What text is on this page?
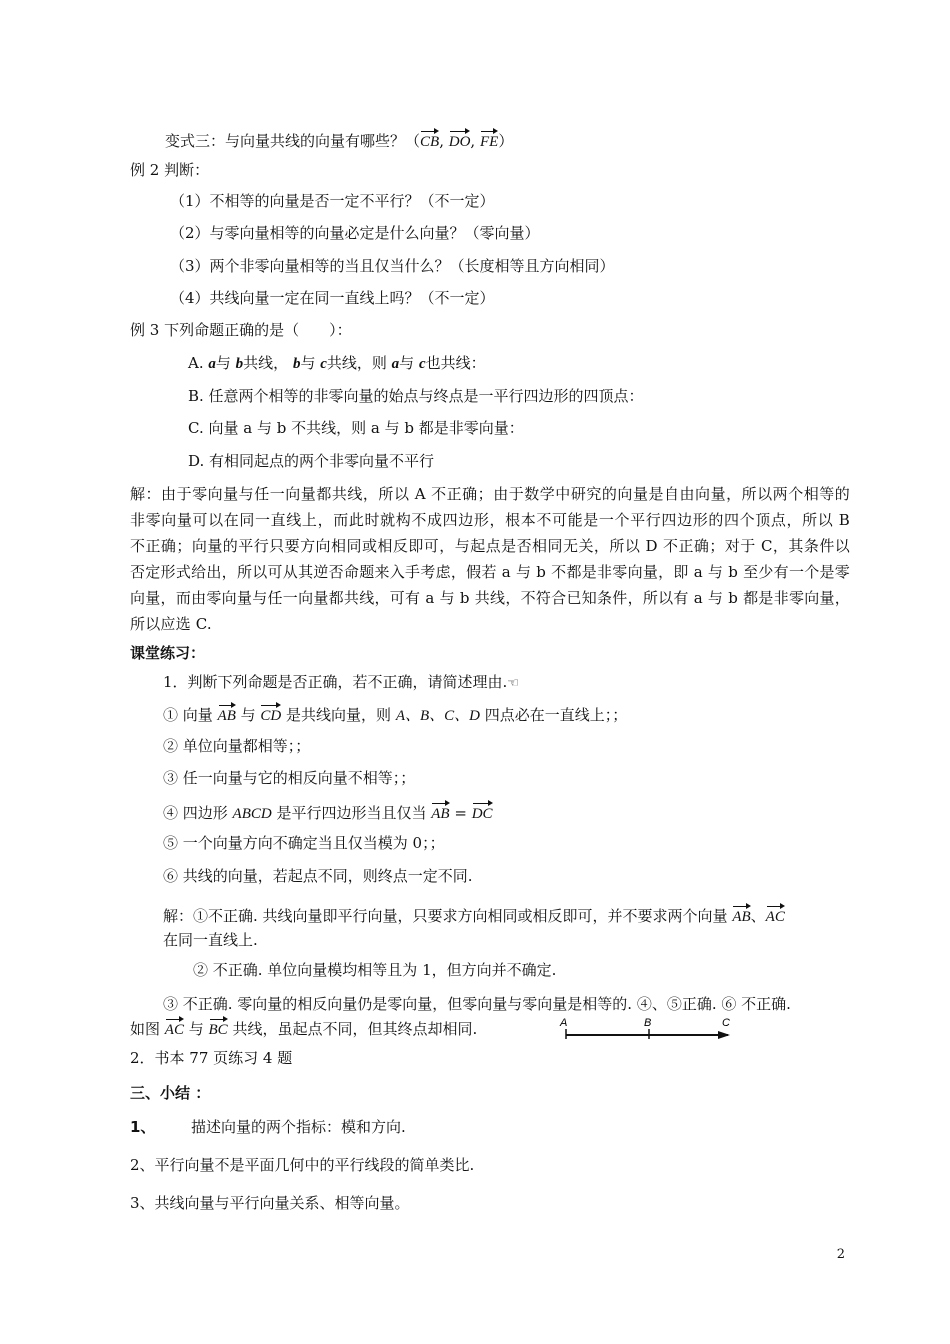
变式三：与向量共线的向量有哪些？（CB, DO, FE）
例 2 判断：
（1）不相等的向量是否一定不平行？（不一定）
（2）与零向量相等的向量必定是什么向量？（零向量）
（3）两个非零向量相等的当且仅当什么？（长度相等且方向相同）
（4）共线向量一定在同一直线上吗？（不一定）
例 3 下列命题正确的是（　　）：
A. a与 b共线， b与 c共线，则 a与 c也共线：
B. 任意两个相等的非零向量的始点与终点是一平行四边形的四顶点：
C. 向量 a 与 b 不共线，则 a 与 b 都是非零向量：
D. 有相同起点的两个非零向量不平行
解：由于零向量与任一向量都共线，所以 A 不正确；由于数学中研究的向量是自由向量，所以两个相等的非零向量可以在同一直线上，而此时就构不成四边形，根本不可能是一个平行四边形的四个顶点，所以 B 不正确；向量的平行只要方向相同或相反即可，与起点是否相同无关，所以 D 不正确；对于 C，其条件以否定形式给出，所以可从其逆否命题来入手考虑，假若 a 与 b 不都是非零向量，即 a 与 b 至少有一个是零向量，而由零向量与任一向量都共线，可有 a 与 b 共线，不符合已知条件，所以有 a 与 b 都是非零向量，所以应选 C.
课堂练习：
1．判断下列命题是否正确，若不正确，请简述理由.☜
① 向量 AB 与 CD 是共线向量，则 A、B、C、D 四点必在一直线上；；
② 单位向量都相等；；
③ 任一向量与它的相反向量不相等；；
④ 四边形 ABCD 是平行四边形当且仅当 AB = DC
⑤ 一个向量方向不确定当且仅当模为 0；；
⑥ 共线的向量，若起点不同，则终点一定不同.
解：①不正确. 共线向量即平行向量，只要求方向相同或相反即可，并不要求两个向量 AB、AC
在同一直线上.
② 不正确. 单位向量模均相等且为 1，但方向并不确定.
③ 不正确. 零向量的相反向量仍是零向量，但零向量与零向量是相等的. ④、⑤正确. ⑥ 不正确.
如图 AC 与 BC 共线，虽起点不同，但其终点却相同.	A	B	C
2．书本 77 页练习 4 题
三、小结 ：
1、 描述向量的两个指标：模和方向.
2、平行向量不是平面几何中的平行线段的简单类比.
3、共线向量与平行向量关系、相等向量。
2
